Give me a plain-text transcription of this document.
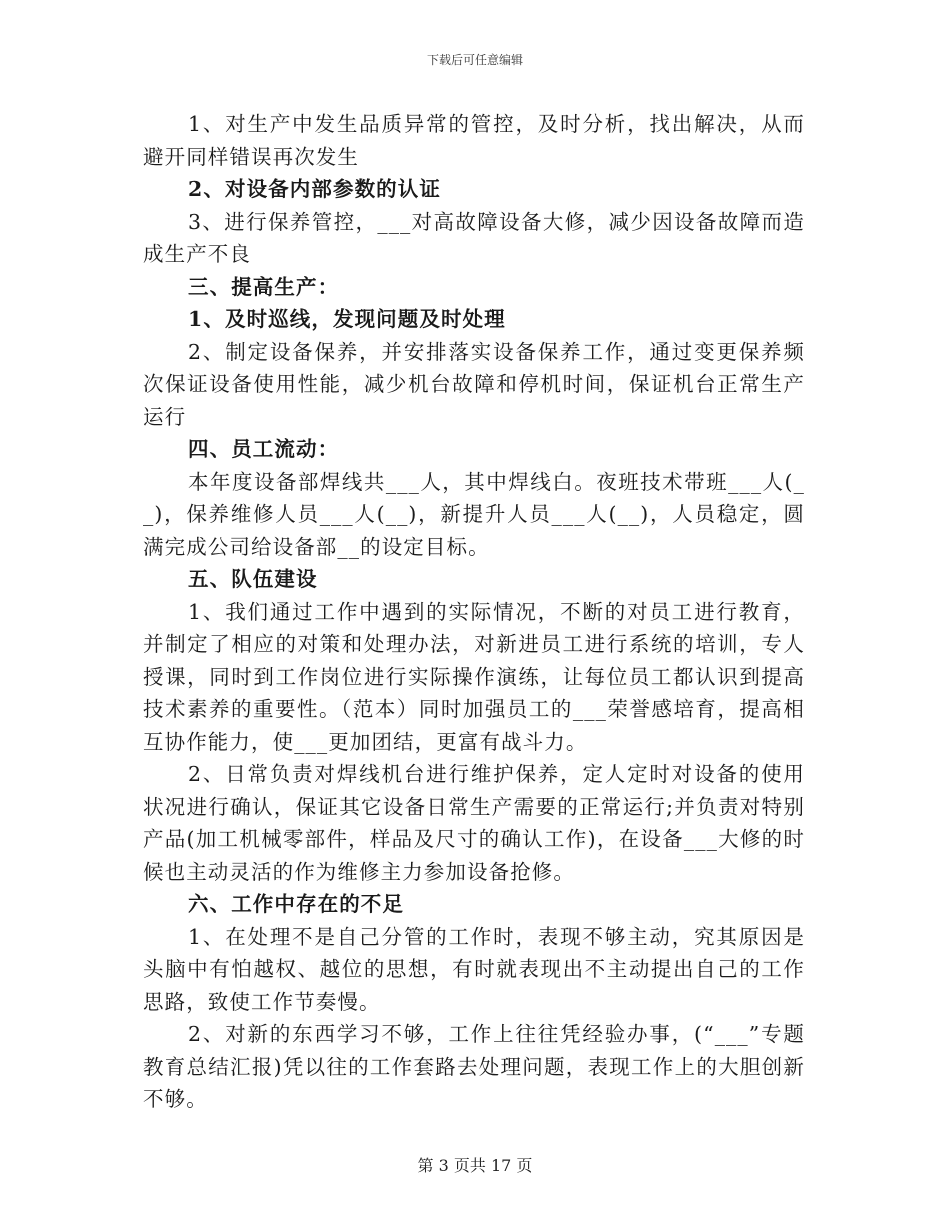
下载后可任意编辑

1、对生产中发生品质异常的管控，及时分析，找出解决，从而避开同样错误再次发生

2、对设备内部参数的认证

3、进行保养管控，___对高故障设备大修，减少因设备故障而造成生产不良

三、提高生产：

1、及时巡线，发现问题及时处理

2、制定设备保养，并安排落实设备保养工作，通过变更保养频次保证设备使用性能，减少机台故障和停机时间，保证机台正常生产运行

四、员工流动：

本年度设备部焊线共___人，其中焊线白。夜班技术带班___人(__)，保养维修人员___人(__)，新提升人员___人(__)，人员稳定，圆满完成公司给设备部__的设定目标。

五、队伍建设

1、我们通过工作中遇到的实际情况，不断的对员工进行教育，并制定了相应的对策和处理办法，对新进员工进行系统的培训，专人授课，同时到工作岗位进行实际操作演练，让每位员工都认识到提高技术素养的重要性。（范本）同时加强员工的___荣誉感培育，提高相互协作能力，使___更加团结，更富有战斗力。

2、日常负责对焊线机台进行维护保养，定人定时对设备的使用状况进行确认，保证其它设备日常生产需要的正常运行;并负责对特别产品(加工机械零部件，样品及尺寸的确认工作)，在设备___大修的时候也主动灵活的作为维修主力参加设备抢修。

六、工作中存在的不足

1、在处理不是自己分管的工作时，表现不够主动，究其原因是头脑中有怕越权、越位的思想，有时就表现出不主动提出自己的工作思路，致使工作节奏慢。

2、对新的东西学习不够，工作上往往凭经验办事，(“___”专题教育总结汇报)凭以往的工作套路去处理问题，表现工作上的大胆创新不够。

第 3 页共 17 页
